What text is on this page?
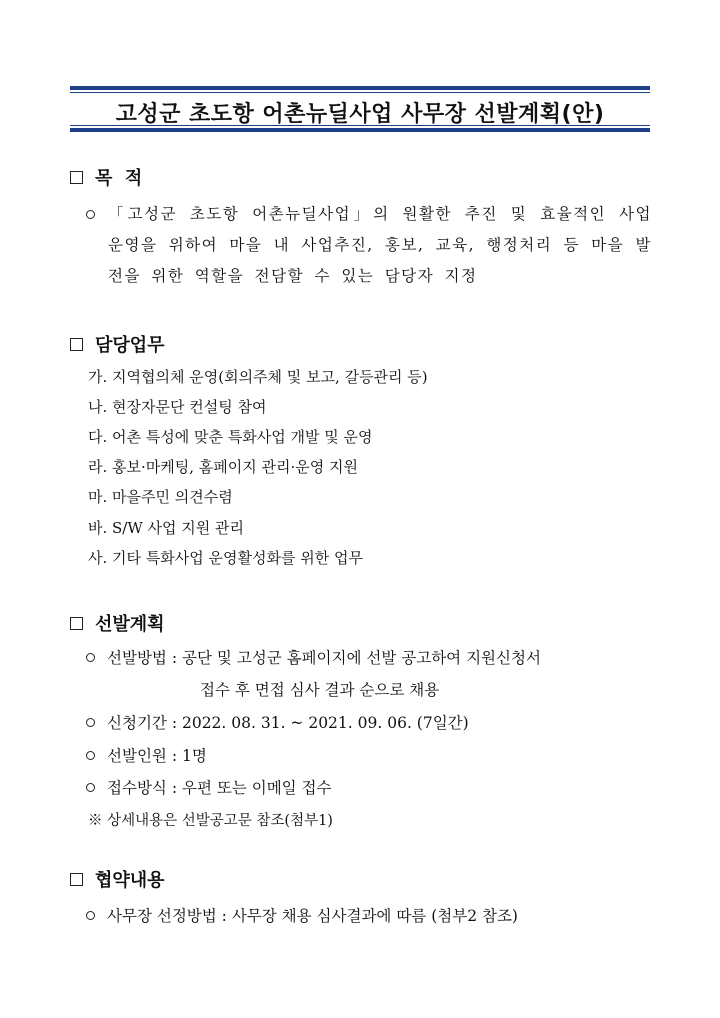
고성군 초도항 어촌뉴딜사업 사무장 선발계획(안)
목  적
「고성군 초도항 어촌뉴딜사업」의 원활한 추진 및 효율적인 사업 운영을 위하여 마을 내 사업추진, 홍보, 교육, 행정처리 등 마을 발전을 위한 역할을 전담할 수 있는 담당자 지정
담당업무
가. 지역협의체 운영(회의주체 및 보고, 갈등관리 등)
나. 현장자문단 컨설팅 참여
다. 어촌 특성에 맞춘 특화사업 개발 및 운영
라. 홍보·마케팅, 홈페이지 관리·운영 지원
마. 마을주민 의견수렴
바. S/W 사업 지원 관리
사. 기타 특화사업 운영활성화를 위한 업무
선발계획
선발방법 : 공단 및 고성군 홈페이지에 선발 공고하여 지원신청서
접수 후 면접 심사 결과 순으로 채용
신청기간 : 2022. 08. 31. ~ 2021. 09. 06. (7일간)
선발인원 : 1명
접수방식 : 우편 또는 이메일 접수
※ 상세내용은 선발공고문 참조(첨부1)
협약내용
사무장 선정방법 : 사무장 채용 심사결과에 따름 (첨부2 참조)
